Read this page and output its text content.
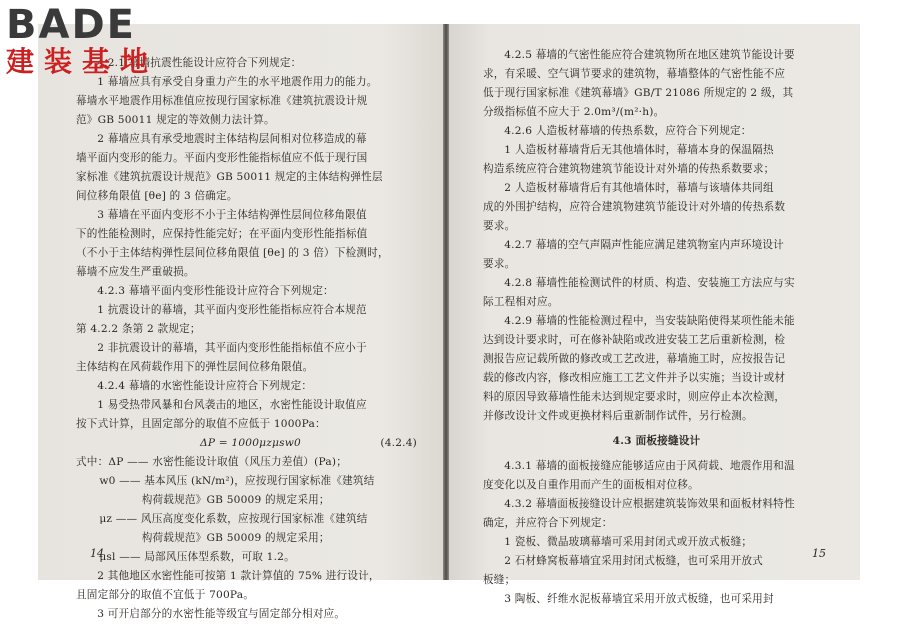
4.2.1 幕墙抗震性能设计应符合下列规定：

1 幕墙应具有承受自身重力产生的水平地震作用力的能力。

幕墙水平地震作用标准值应按现行国家标准《建筑抗震设计规

范》GB 50011 规定的等效侧力法计算。

2 幕墙应具有承受地震时主体结构层间相对位移造成的幕

墙平面内变形的能力。平面内变形性能指标值应不低于现行国

家标准《建筑抗震设计规范》GB 50011 规定的主体结构弹性层

间位移角限值 [θe] 的 3 倍确定。

3 幕墙在平面内变形不小于主体结构弹性层间位移角限值

下的性能检测时，应保持性能完好；在平面内变形性能指标值

（不小于主体结构弹性层间位移角限值 [θe] 的 3 倍）下检测时，

幕墙不应发生严重破损。

4.2.3 幕墙平面内变形性能设计应符合下列规定：

1 抗震设计的幕墙，其平面内变形性能指标应符合本规范

第 4.2.2 条第 2 款规定；

2 非抗震设计的幕墙，其平面内变形性能指标值不应小于

主体结构在风荷载作用下的弹性层间位移角限值。

4.2.4 幕墙的水密性能设计应符合下列规定：

1 易受热带风暴和台风袭击的地区，水密性能设计取值应

按下式计算，且固定部分的取值不应低于 1000Pa：

ΔP = 1000μzμsw0	(4.2.4)

式中：ΔP —— 水密性能设计取值（风压力差值）(Pa)；

w0 —— 基本风压 (kN/m²)，应按现行国家标准《建筑结

构荷载规范》GB 50009 的规定采用；

μz —— 风压高度变化系数，应按现行国家标准《建筑结

构荷载规范》GB 50009 的规定采用；

μsl —— 局部风压体型系数，可取 1.2。

2 其他地区水密性能可按第 1 款计算值的 75% 进行设计，

且固定部分的取值不宜低于 700Pa。

3 可开启部分的水密性能等级宜与固定部分相对应。

14

4.2.5 幕墙的气密性能应符合建筑物所在地区建筑节能设计要

求，有采暖、空气调节要求的建筑物，幕墙整体的气密性能不应

低于现行国家标准《建筑幕墙》GB/T 21086 所规定的 2 级，其

分级指标值不应大于 2.0m³/(m²·h)。

4.2.6 人造板材幕墙的传热系数，应符合下列规定：

1 人造板材幕墙背后无其他墙体时，幕墙本身的保温隔热

构造系统应符合建筑物建筑节能设计对外墙的传热系数要求；

2 人造板材幕墙背后有其他墙体时，幕墙与该墙体共同组

成的外围护结构，应符合建筑物建筑节能设计对外墙的传热系数

要求。

4.2.7 幕墙的空气声隔声性能应满足建筑物室内声环境设计

要求。

4.2.8 幕墙性能检测试件的材质、构造、安装施工方法应与实

际工程相对应。

4.2.9 幕墙的性能检测过程中，当安装缺陷使得某项性能未能

达到设计要求时，可在修补缺陷或改进安装工艺后重新检测，检

测报告应记载所做的修改或工艺改进，幕墙施工时，应按报告记

载的修改内容，修改相应施工工艺文件并予以实施；当设计或材

料的原因导致幕墙性能未达到规定要求时，则应停止本次检测，

并修改设计文件或更换材料后重新制作试件，另行检测。

4.3 面板接缝设计

4.3.1 幕墙的面板接缝应能够适应由于风荷载、地震作用和温

度变化以及自重作用而产生的面板相对位移。

4.3.2 幕墙面板接缝设计应根据建筑装饰效果和面板材料特性

确定，并应符合下列规定：

1 瓷板、微晶玻璃幕墙可采用封闭式或开放式板缝；

2 石材蜂窝板幕墙宜采用封闭式板缝，也可采用开放式

板缝；

3 陶板、纤维水泥板幕墙宜采用开放式板缝，也可采用封

15
BADE
建装基地
